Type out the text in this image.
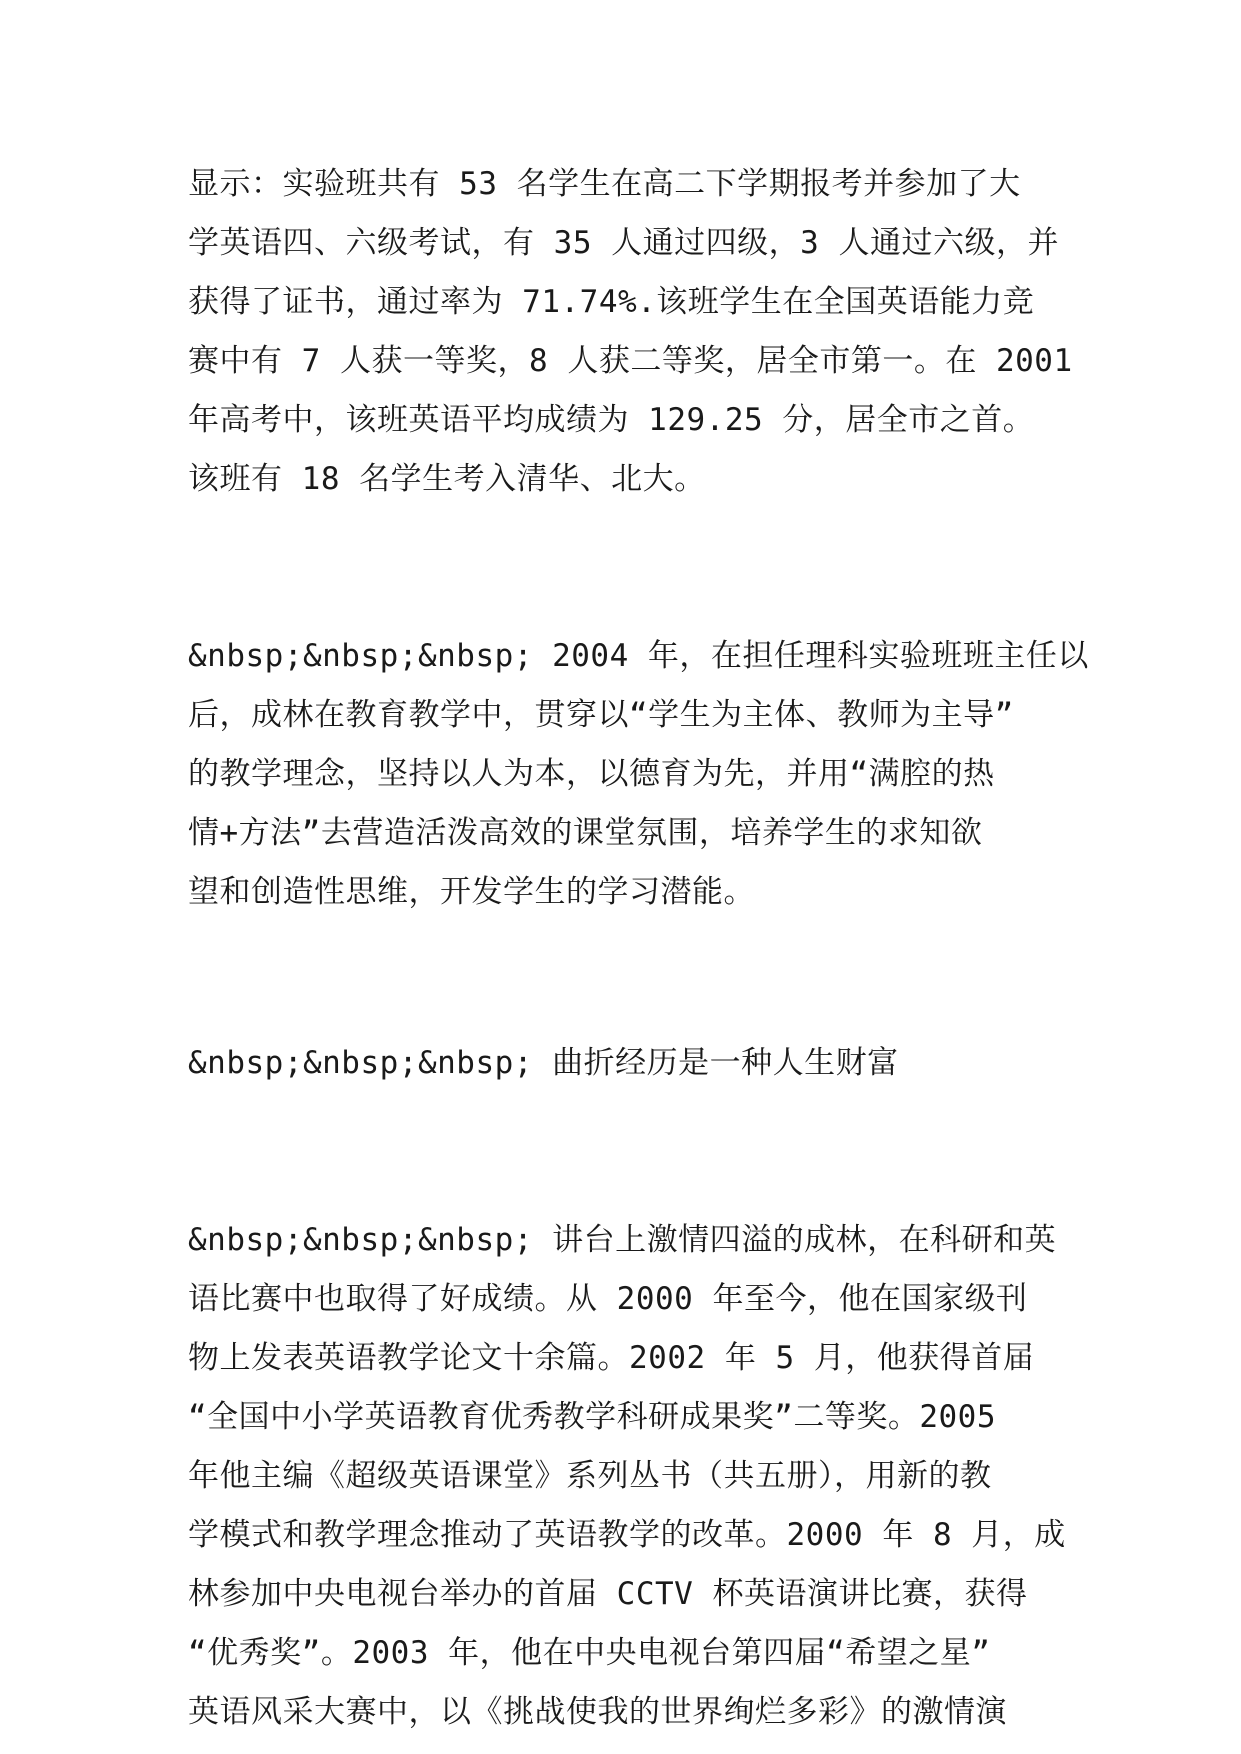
显示：实验班共有 53 名学生在高二下学期报考并参加了大
学英语四、六级考试，有 35 人通过四级，3 人通过六级，并
获得了证书，通过率为 71.74%.该班学生在全国英语能力竞
赛中有 7 人获一等奖，8 人获二等奖，居全市第一。在 2001
年高考中，该班英语平均成绩为 129.25 分，居全市之首。
该班有 18 名学生考入清华、北大。
&nbsp;&nbsp;&nbsp; 2004 年，在担任理科实验班班主任以
后，成林在教育教学中，贯穿以“学生为主体、教师为主导”
的教学理念，坚持以人为本，以德育为先，并用“满腔的热
情+方法”去营造活泼高效的课堂氛围，培养学生的求知欲
望和创造性思维，开发学生的学习潜能。
&nbsp;&nbsp;&nbsp; 曲折经历是一种人生财富
&nbsp;&nbsp;&nbsp; 讲台上激情四溢的成林，在科研和英
语比赛中也取得了好成绩。从 2000 年至今，他在国家级刊
物上发表英语教学论文十余篇。2002 年 5 月，他获得首届
“全国中小学英语教育优秀教学科研成果奖”二等奖。2005
年他主编《超级英语课堂》系列丛书（共五册），用新的教
学模式和教学理念推动了英语教学的改革。2000 年 8 月，成
林参加中央电视台举办的首届 CCTV 杯英语演讲比赛，获得
“优秀奖”。2003 年，他在中央电视台第四届“希望之星”
英语风采大赛中，以《挑战使我的世界绚烂多彩》的激情演
